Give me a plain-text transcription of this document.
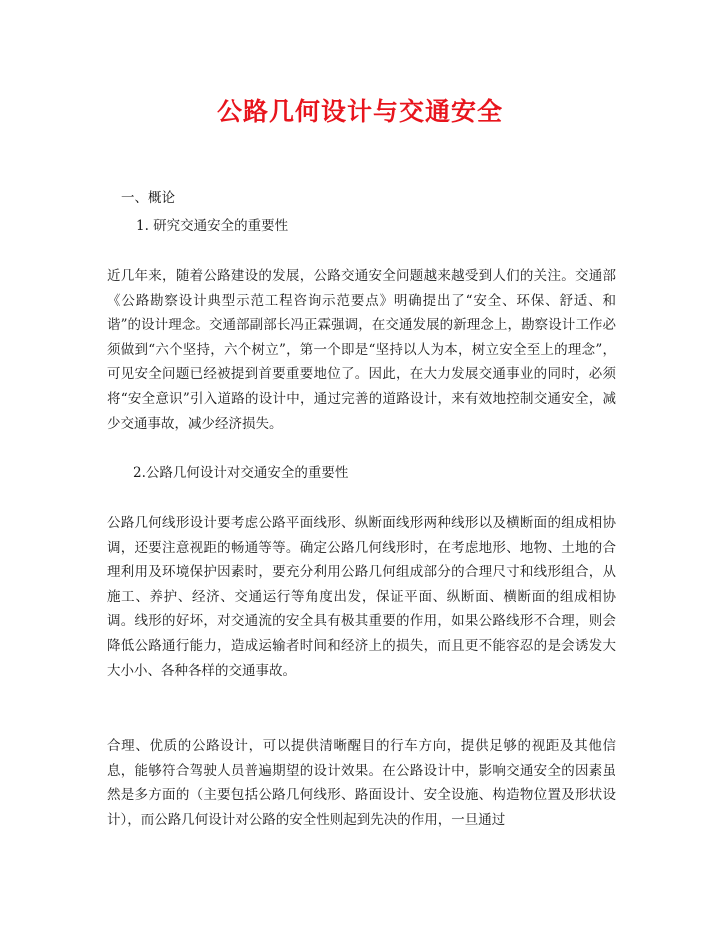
公路几何设计与交通安全
一、概论
1. 研究交通安全的重要性
近几年来，随着公路建设的发展，公路交通安全问题越来越受到人们的关注。交通部《公路勘察设计典型示范工程咨询示范要点》明确提出了“安全、环保、舒适、和谐”的设计理念。交通部副部长冯正霖强调，在交通发展的新理念上，勘察设计工作必须做到“六个坚持，六个树立”，第一个即是“坚持以人为本，树立安全至上的理念”，可见安全问题已经被提到首要重要地位了。因此，在大力发展交通事业的同时，必须将“安全意识”引入道路的设计中，通过完善的道路设计，来有效地控制交通安全，减少交通事故，减少经济损失。
2.公路几何设计对交通安全的重要性
公路几何线形设计要考虑公路平面线形、纵断面线形两种线形以及横断面的组成相协调，还要注意视距的畅通等等。确定公路几何线形时，在考虑地形、地物、土地的合理利用及环境保护因素时，要充分利用公路几何组成部分的合理尺寸和线形组合，从施工、养护、经济、交通运行等角度出发，保证平面、纵断面、横断面的组成相协调。线形的好坏，对交通流的安全具有极其重要的作用，如果公路线形不合理，则会降低公路通行能力，造成运输者时间和经济上的损失，而且更不能容忍的是会诱发大大小小、各种各样的交通事故。
合理、优质的公路设计，可以提供清晰醒目的行车方向，提供足够的视距及其他信息，能够符合驾驶人员普遍期望的设计效果。在公路设计中，影响交通安全的因素虽然是多方面的（主要包括公路几何线形、路面设计、安全设施、构造物位置及形状设计），而公路几何设计对公路的安全性则起到先决的作用，一旦通过
